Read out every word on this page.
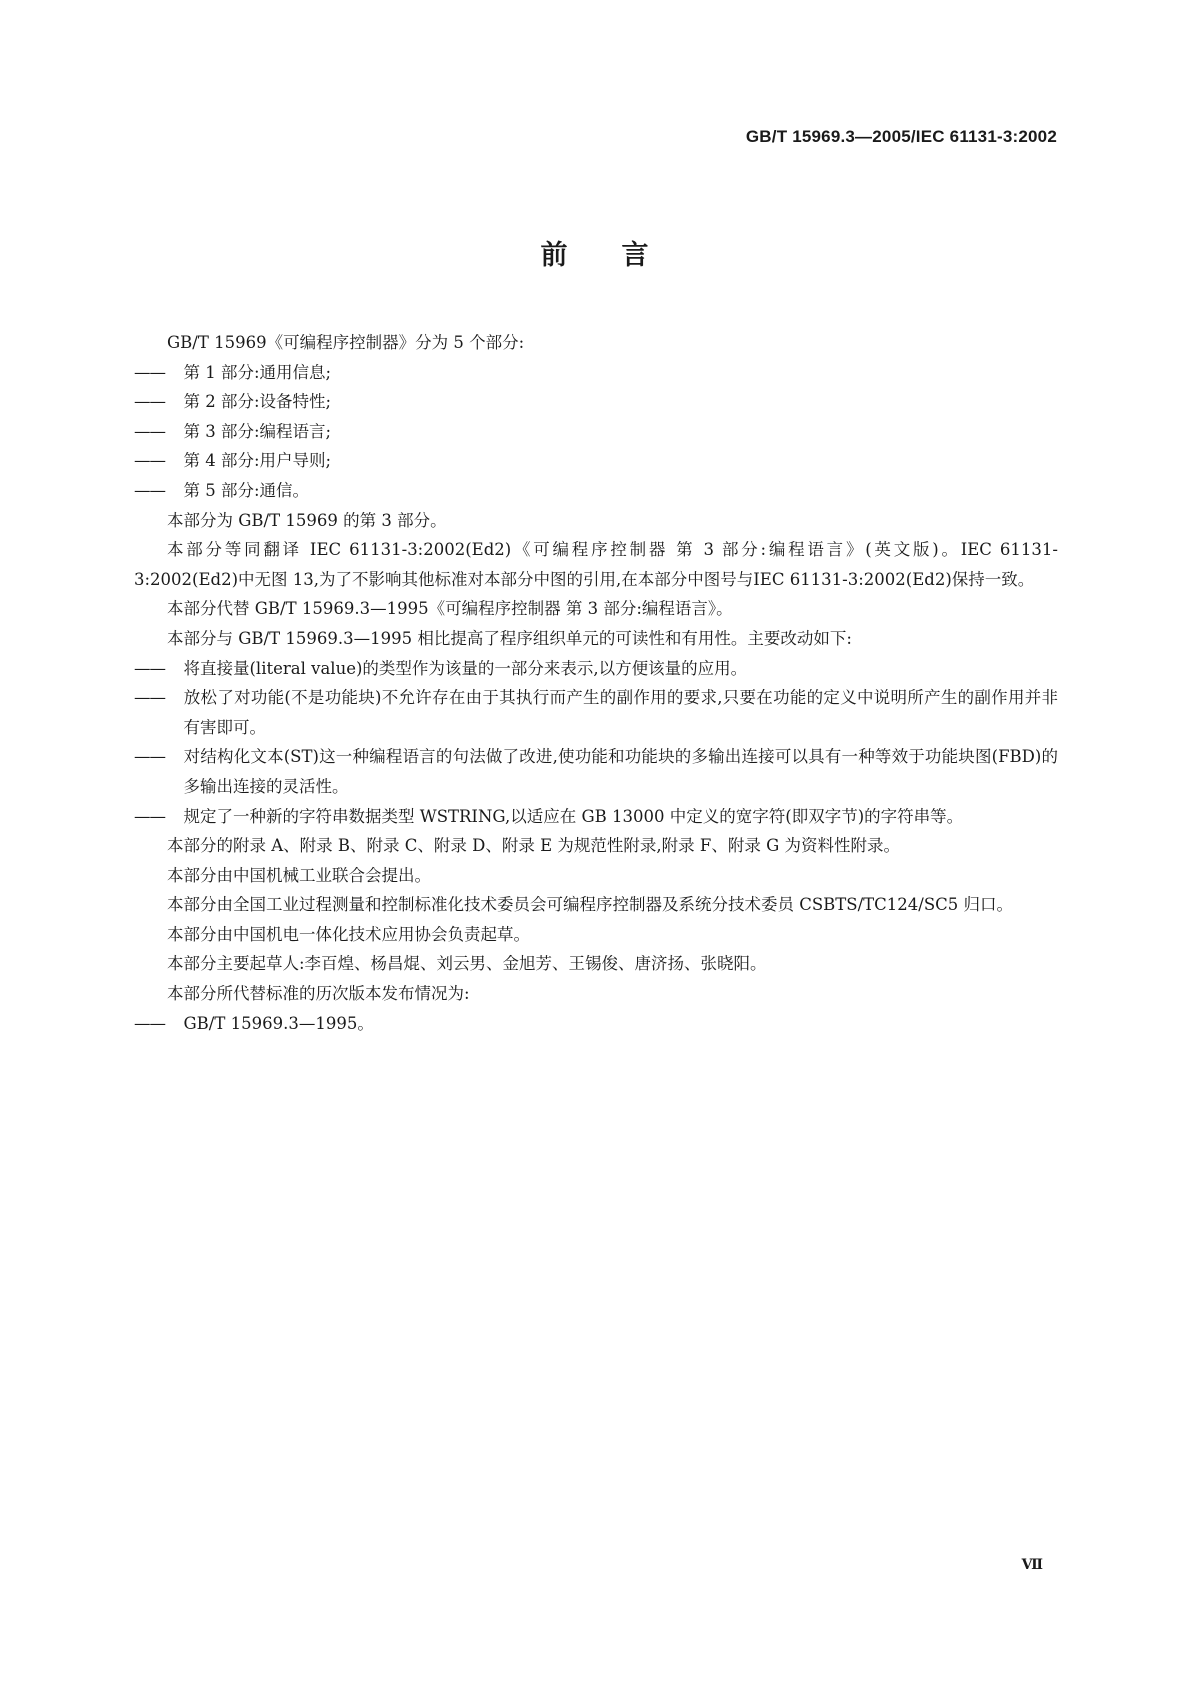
GB/T 15969.3—2005/IEC 61131-3:2002
前 言

GB/T 15969《可编程序控制器》分为 5 个部分:

——第 1 部分:通用信息;

——第 2 部分:设备特性;

——第 3 部分:编程语言;

——第 4 部分:用户导则;

——第 5 部分:通信。

本部分为 GB/T 15969 的第 3 部分。

本部分等同翻译 IEC 61131-3:2002(Ed2)《可编程序控制器 第 3 部分:编程语言》(英文版)。IEC 61131-3:2002(Ed2)中无图 13,为了不影响其他标准对本部分中图的引用,在本部分中图号与IEC 61131-3:2002(Ed2)保持一致。

本部分代替 GB/T 15969.3—1995《可编程序控制器 第 3 部分:编程语言》。

本部分与 GB/T 15969.3—1995 相比提高了程序组织单元的可读性和有用性。主要改动如下:

——将直接量(literal value)的类型作为该量的一部分来表示,以方便该量的应用。

——放松了对功能(不是功能块)不允许存在由于其执行而产生的副作用的要求,只要在功能的定义中说明所产生的副作用并非有害即可。

——对结构化文本(ST)这一种编程语言的句法做了改进,使功能和功能块的多输出连接可以具有一种等效于功能块图(FBD)的多输出连接的灵活性。

——规定了一种新的字符串数据类型 WSTRING,以适应在 GB 13000 中定义的宽字符(即双字节)的字符串等。

本部分的附录 A、附录 B、附录 C、附录 D、附录 E 为规范性附录,附录 F、附录 G 为资料性附录。

本部分由中国机械工业联合会提出。

本部分由全国工业过程测量和控制标准化技术委员会可编程序控制器及系统分技术委员 CSBTS/TC124/SC5 归口。

本部分由中国机电一体化技术应用协会负责起草。

本部分主要起草人:李百煌、杨昌焜、刘云男、金旭芳、王锡俊、唐济扬、张晓阳。

本部分所代替标准的历次版本发布情况为:

——GB/T 15969.3—1995。

Ⅶ
